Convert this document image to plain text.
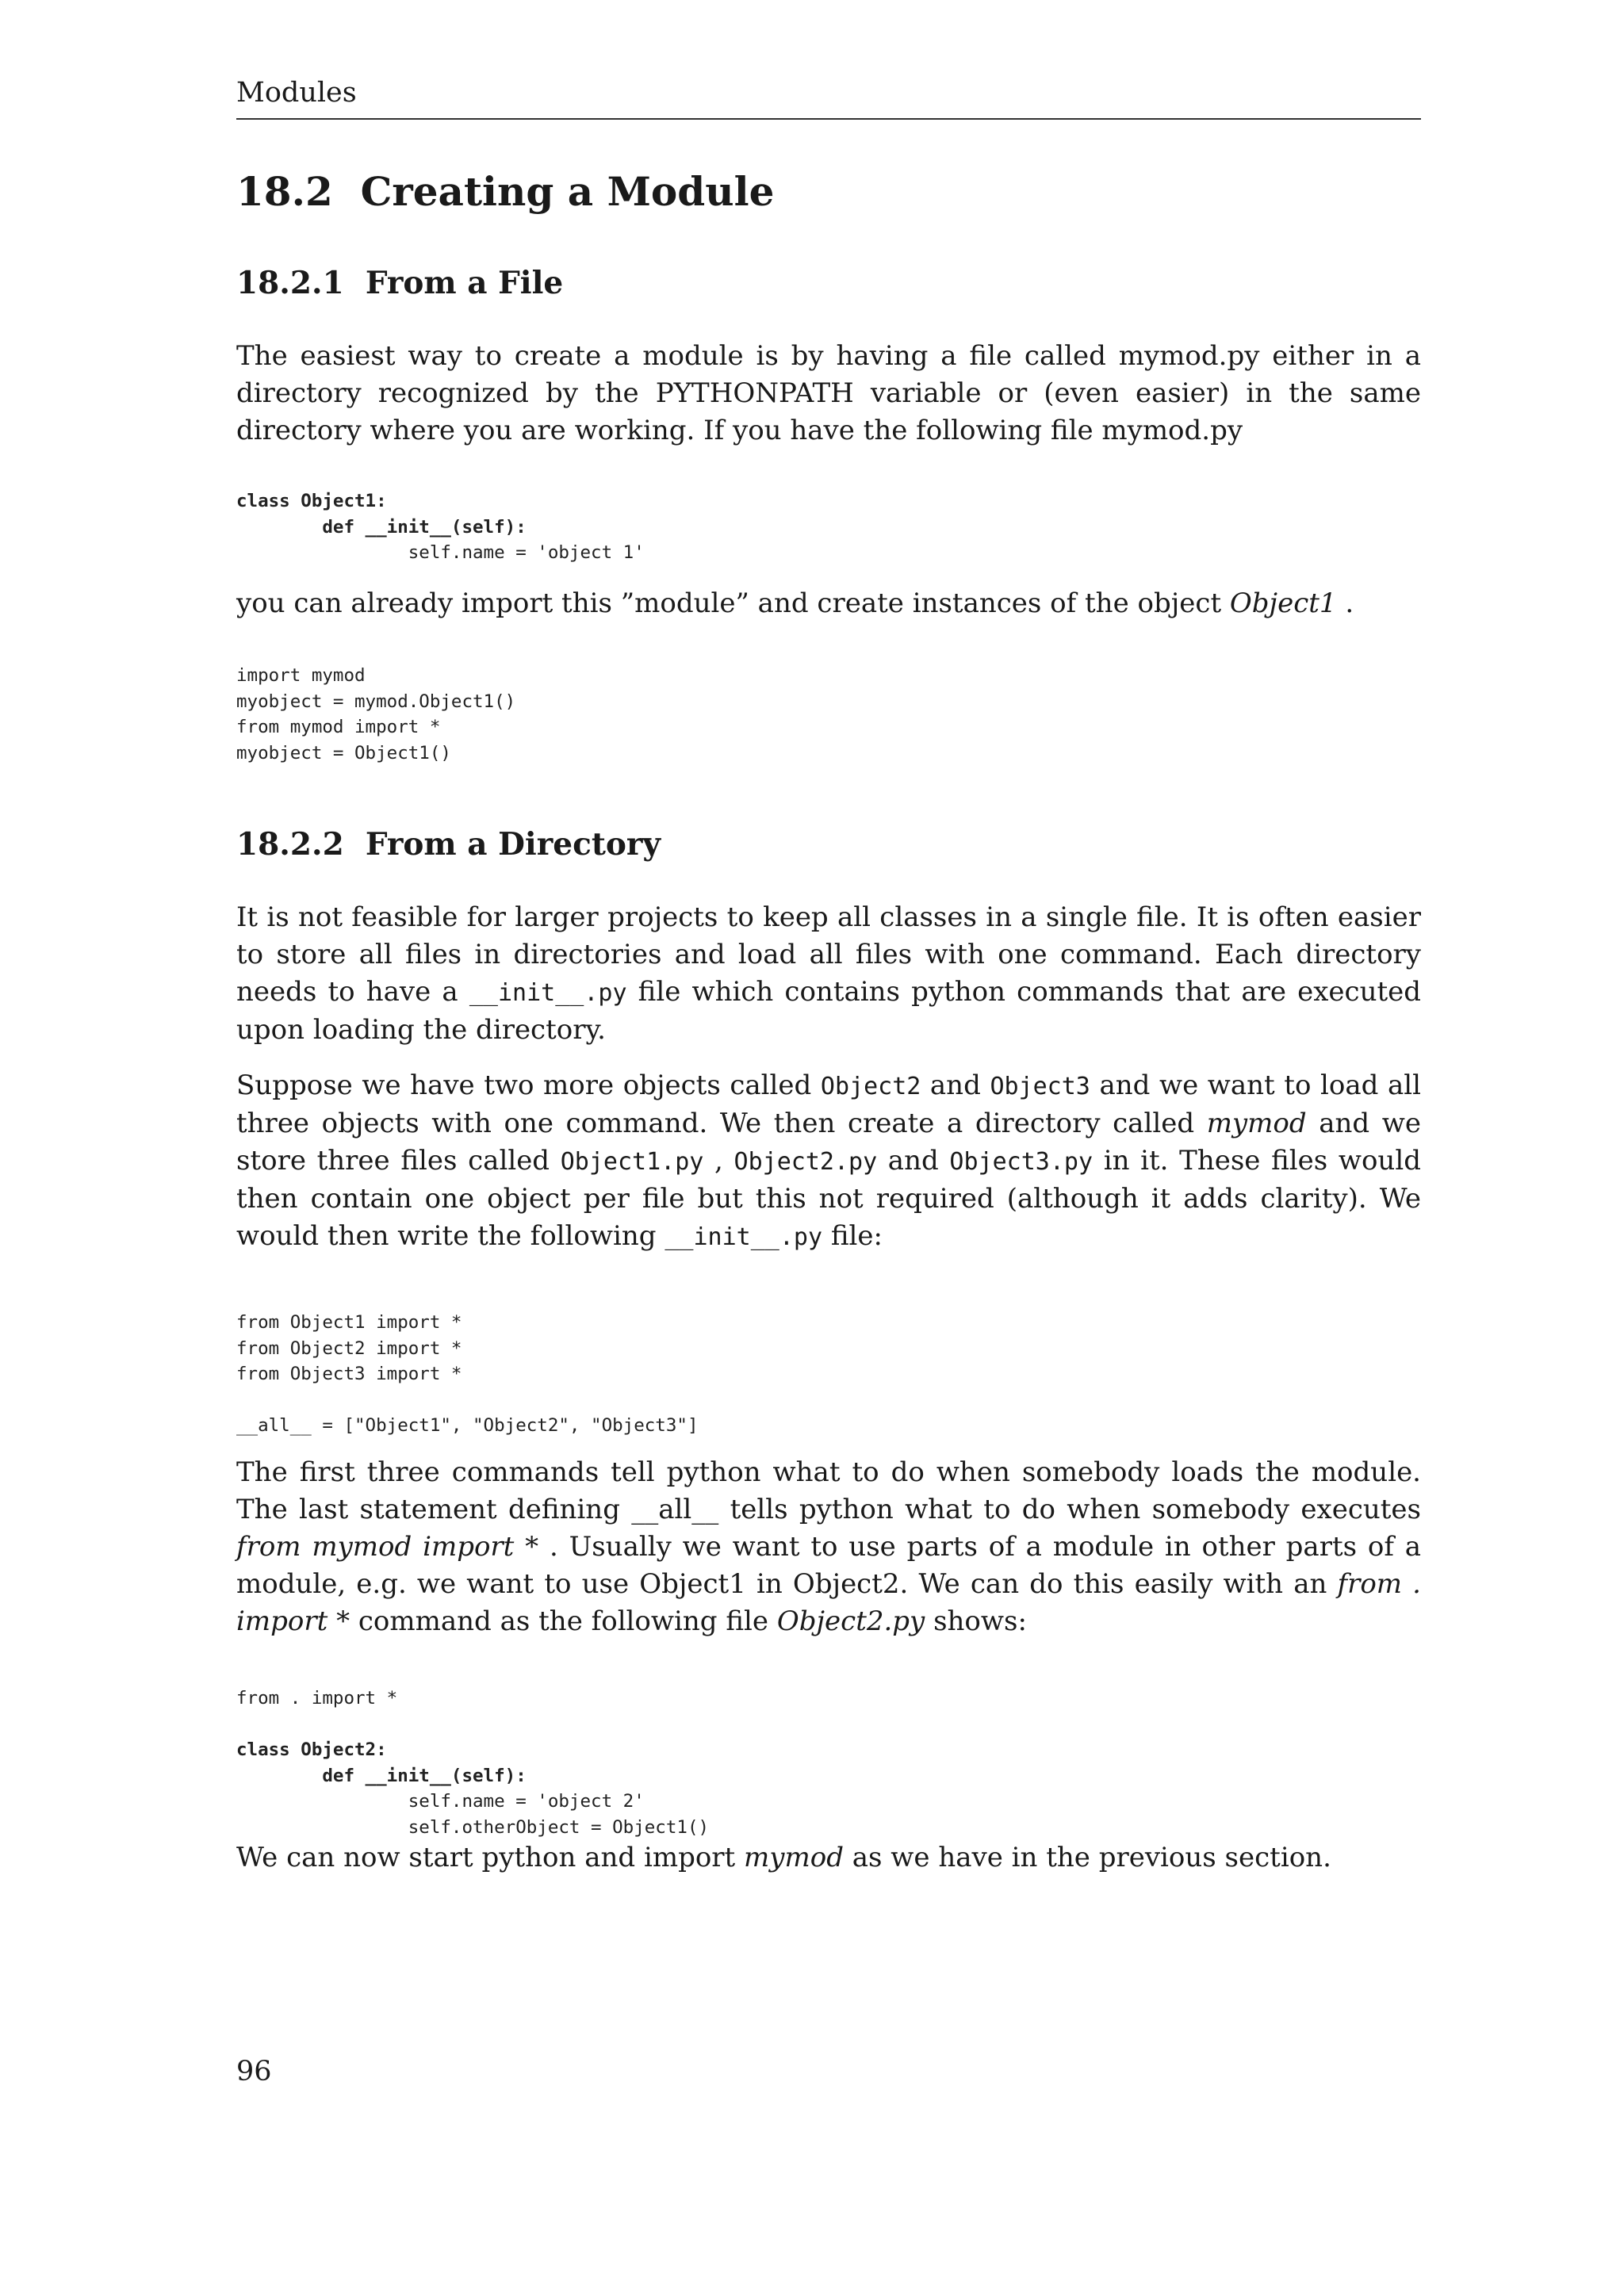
Modules
18.2 Creating a Module
18.2.1 From a File

The easiest way to create a module is by having a file called mymod.py either in a directory recognized by the PYTHONPATH variable or (even easier) in the same directory where you are working. If you have the following file mymod.py

class Object1:
def __init__(self):
self.name = 'object 1'

you can already import this ”module” and create instances of the object Object1 .

import mymod
myobject = mymod.Object1()
from mymod import *
myobject = Object1()
18.2.2 From a Directory

It is not feasible for larger projects to keep all classes in a single file. It is often easier to store all files in directories and load all files with one command. Each directory needs to have a __init__.py file which contains python commands that are executed upon loading the directory.

Suppose we have two more objects called Object2 and Object3 and we want to load all three objects with one command. We then create a directory called mymod and we store three files called Object1.py , Object2.py and Object3.py in it. These files would then contain one object per file but this not required (although it adds clarity). We would then write the following __init__.py file:

from Object1 import *
from Object2 import *
from Object3 import *

__all__ = ["Object1", "Object2", "Object3"]

The first three commands tell python what to do when somebody loads the module. The last statement defining __all__ tells python what to do when somebody executes from mymod import * . Usually we want to use parts of a module in other parts of a module, e.g. we want to use Object1 in Object2. We can do this easily with an from . import * command as the following file Object2.py shows:

from . import *

class Object2:
def __init__(self):
self.name = 'object 2'
self.otherObject = Object1()

We can now start python and import mymod as we have in the previous section.

96
